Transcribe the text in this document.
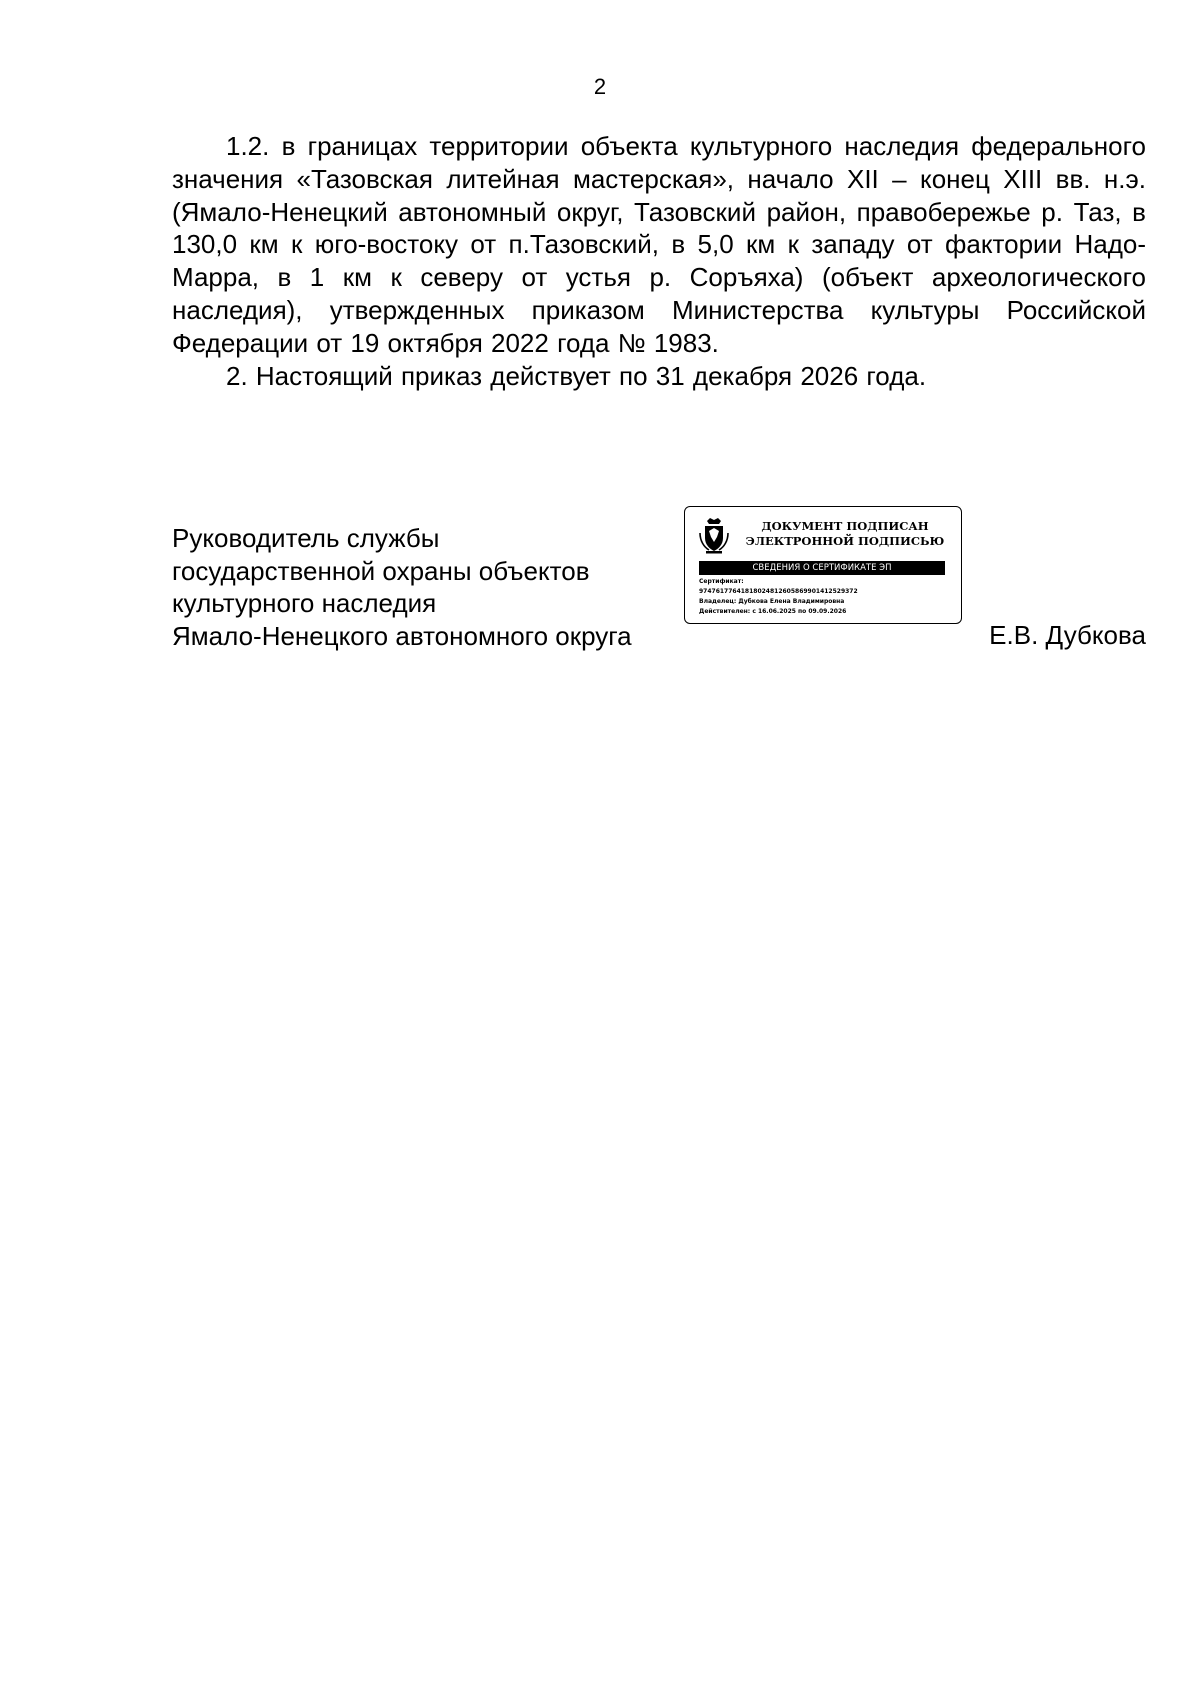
2

1.2. в границах территории объекта культурного наследия федерального значения «Тазовская литейная мастерская», начало XII – конец XIII вв. н.э. (Ямало-Ненецкий автономный округ, Тазовский район, правобережье р. Таз, в 130,0 км к юго-востоку от п.Тазовский, в 5,0 км к западу от фактории Надо-Марра, в 1 км к северу от устья р. Соръяха) (объект археологического наследия), утвержденных приказом Министерства культуры Российской Федерации от 19 октября 2022 года № 1983.

2. Настоящий приказ действует по 31 декабря 2026 года.

Руководитель службы
государственной охраны объектов
культурного наследия
Ямало-Ненецкого автономного округа
ДОКУМЕНТ ПОДПИСАН
ЭЛЕКТРОННОЙ ПОДПИСЬЮ
СВЕДЕНИЯ О СЕРТИФИКАТЕ ЭП
Сертификат:
97476177641818024812605869901412529372
Владелец: Дубкова Елена Владимировна
Действителен: с 16.06.2025 по 09.09.2026
Е.В. Дубкова
